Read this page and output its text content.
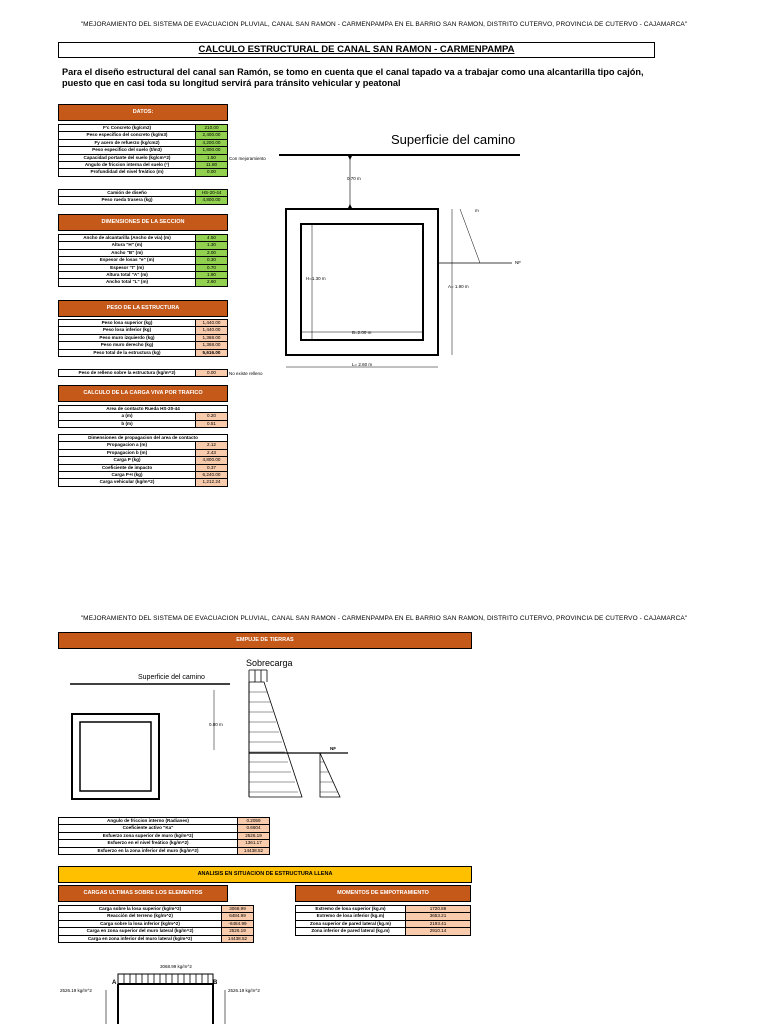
"MEJORAMIENTO DEL SISTEMA DE EVACUACION PLUVIAL, CANAL SAN RAMON - CARMENPAMPA EN EL BARRIO SAN RAMON, DISTRITO CUTERVO, PROVINCIA DE CUTERVO - CAJAMARCA"
CALCULO ESTRUCTURAL DE CANAL SAN RAMON - CARMENPAMPA
Para el diseño estructural del canal san Ramón, se tomo en cuenta que el canal tapado va a trabajar como una alcantarilla tipo cajón, puesto que en casi toda su longitud servirá para tránsito vehicular y peatonal
DATOS:
F'c Concreto (kg/cm2)	210.00
Peso especifico del concreto (kg/m3)	2,400.00
Fy acero de refuerzo (kg/cm2)	4,200.00
Peso especifico del suelo (t/m3)	1,800.00
Capacidad portante del suelo (kg/cm^2)	1.50
Angulo de friccion interna del suelo (°)	11.80
Profundidad del nivel freático (m)	0.00
Con mejoramiento
Camión de diseño	HS-20-44
Peso rueda trasera (kg)	4,800.00
DIMENSIONES DE LA SECCION
Ancho de alcantarilla (Ancho de vía) (m)	4.50
Altura "H" (m)	1.30
Ancho "B" (m)	2.00
Espesor de losas "e" (m)	0.30
Espesor "t" (m)	0.70
Altura total "A" (m)	1.90
Ancho total "L" (m)	2.60
PESO DE LA ESTRUCTURA
Peso losa superior (kg)	1,440.00
Peso losa inferior (kg)	1,440.00
Peso muro izquierdo (kg)	1,368.00
Peso muro derecho (kg)	1,368.00
Peso total de la estructura (kg)	5,616.00
Peso de relleno sobre la estructura (kg/m^2)	0.00	No existe relleno
CALCULO DE LA CARGA VIVA POR TRAFICO
Area de contacto Rueda HS-20-44	
a (m)	0.20
b (m)	0.51
Dimensiones de propagacion del area de contacto	
Propagacion a (m)	2.12
Propagacion b (m)	2.43
Carga P (kg)	4,800.00
Coeficiente de impacto	0.37
Carga P+I (kg)	6,240.00
Carga vehicular (kg/m^2)	1,212.24
Superficie del camino
0.70 m
H=1.30 m
B=2.00 m
A= 1.90 m
m
NF
L= 2.60 m
"MEJORAMIENTO DEL SISTEMA DE EVACUACION PLUVIAL, CANAL SAN RAMON - CARMENPAMPA EN EL BARRIO SAN RAMON, DISTRITO CUTERVO, PROVINCIA DE CUTERVO - CAJAMARCA"
EMPUJE DE TIERRAS
Sobrecarga
Superficie del camino
0.00 m
NF
Angulo de friccion interno (Radianes)	0.2059
Coeficiente activo "Ka"	0.6604
Esfuerzo zona superior de muro (kg/m^2)	2526.19
Esfuerzo en el nivel freático (kg/m^2)	1361.17
Esfuerzo en la zona inferior del muro (kg/m^2)	14438.52
ANALISIS EN SITUACION DE ESTRUCTURA LLENA
CARGAS ULTIMAS SOBRE LOS ELEMENTOS
Carga sobre la losa superior (kg/m^2)	3068.99
Reacción del terreno (kg/m^2)	6484.99
Carga sobre la losa inferior (kg/m^2)	-6484.99
Carga en zona superior del muro lateral (kg/m^2)	2526.19
Carga en zona inferior del muro lateral (kg/m^2)	14438.52
MOMENTOS DE EMPOTRAMIENTO
Extremo de losa superior (kg.m)	1720.86
Extremo de losa inferior (kg.m)	3653.21
Zona superior de pared lateral (kg.m)	2193.41
Zona inferior de pared lateral (kg.m)	2910.14
3068.99 kg/m^2
2526.19 kg/m^2	2526.19 kg/m^2
A	B
